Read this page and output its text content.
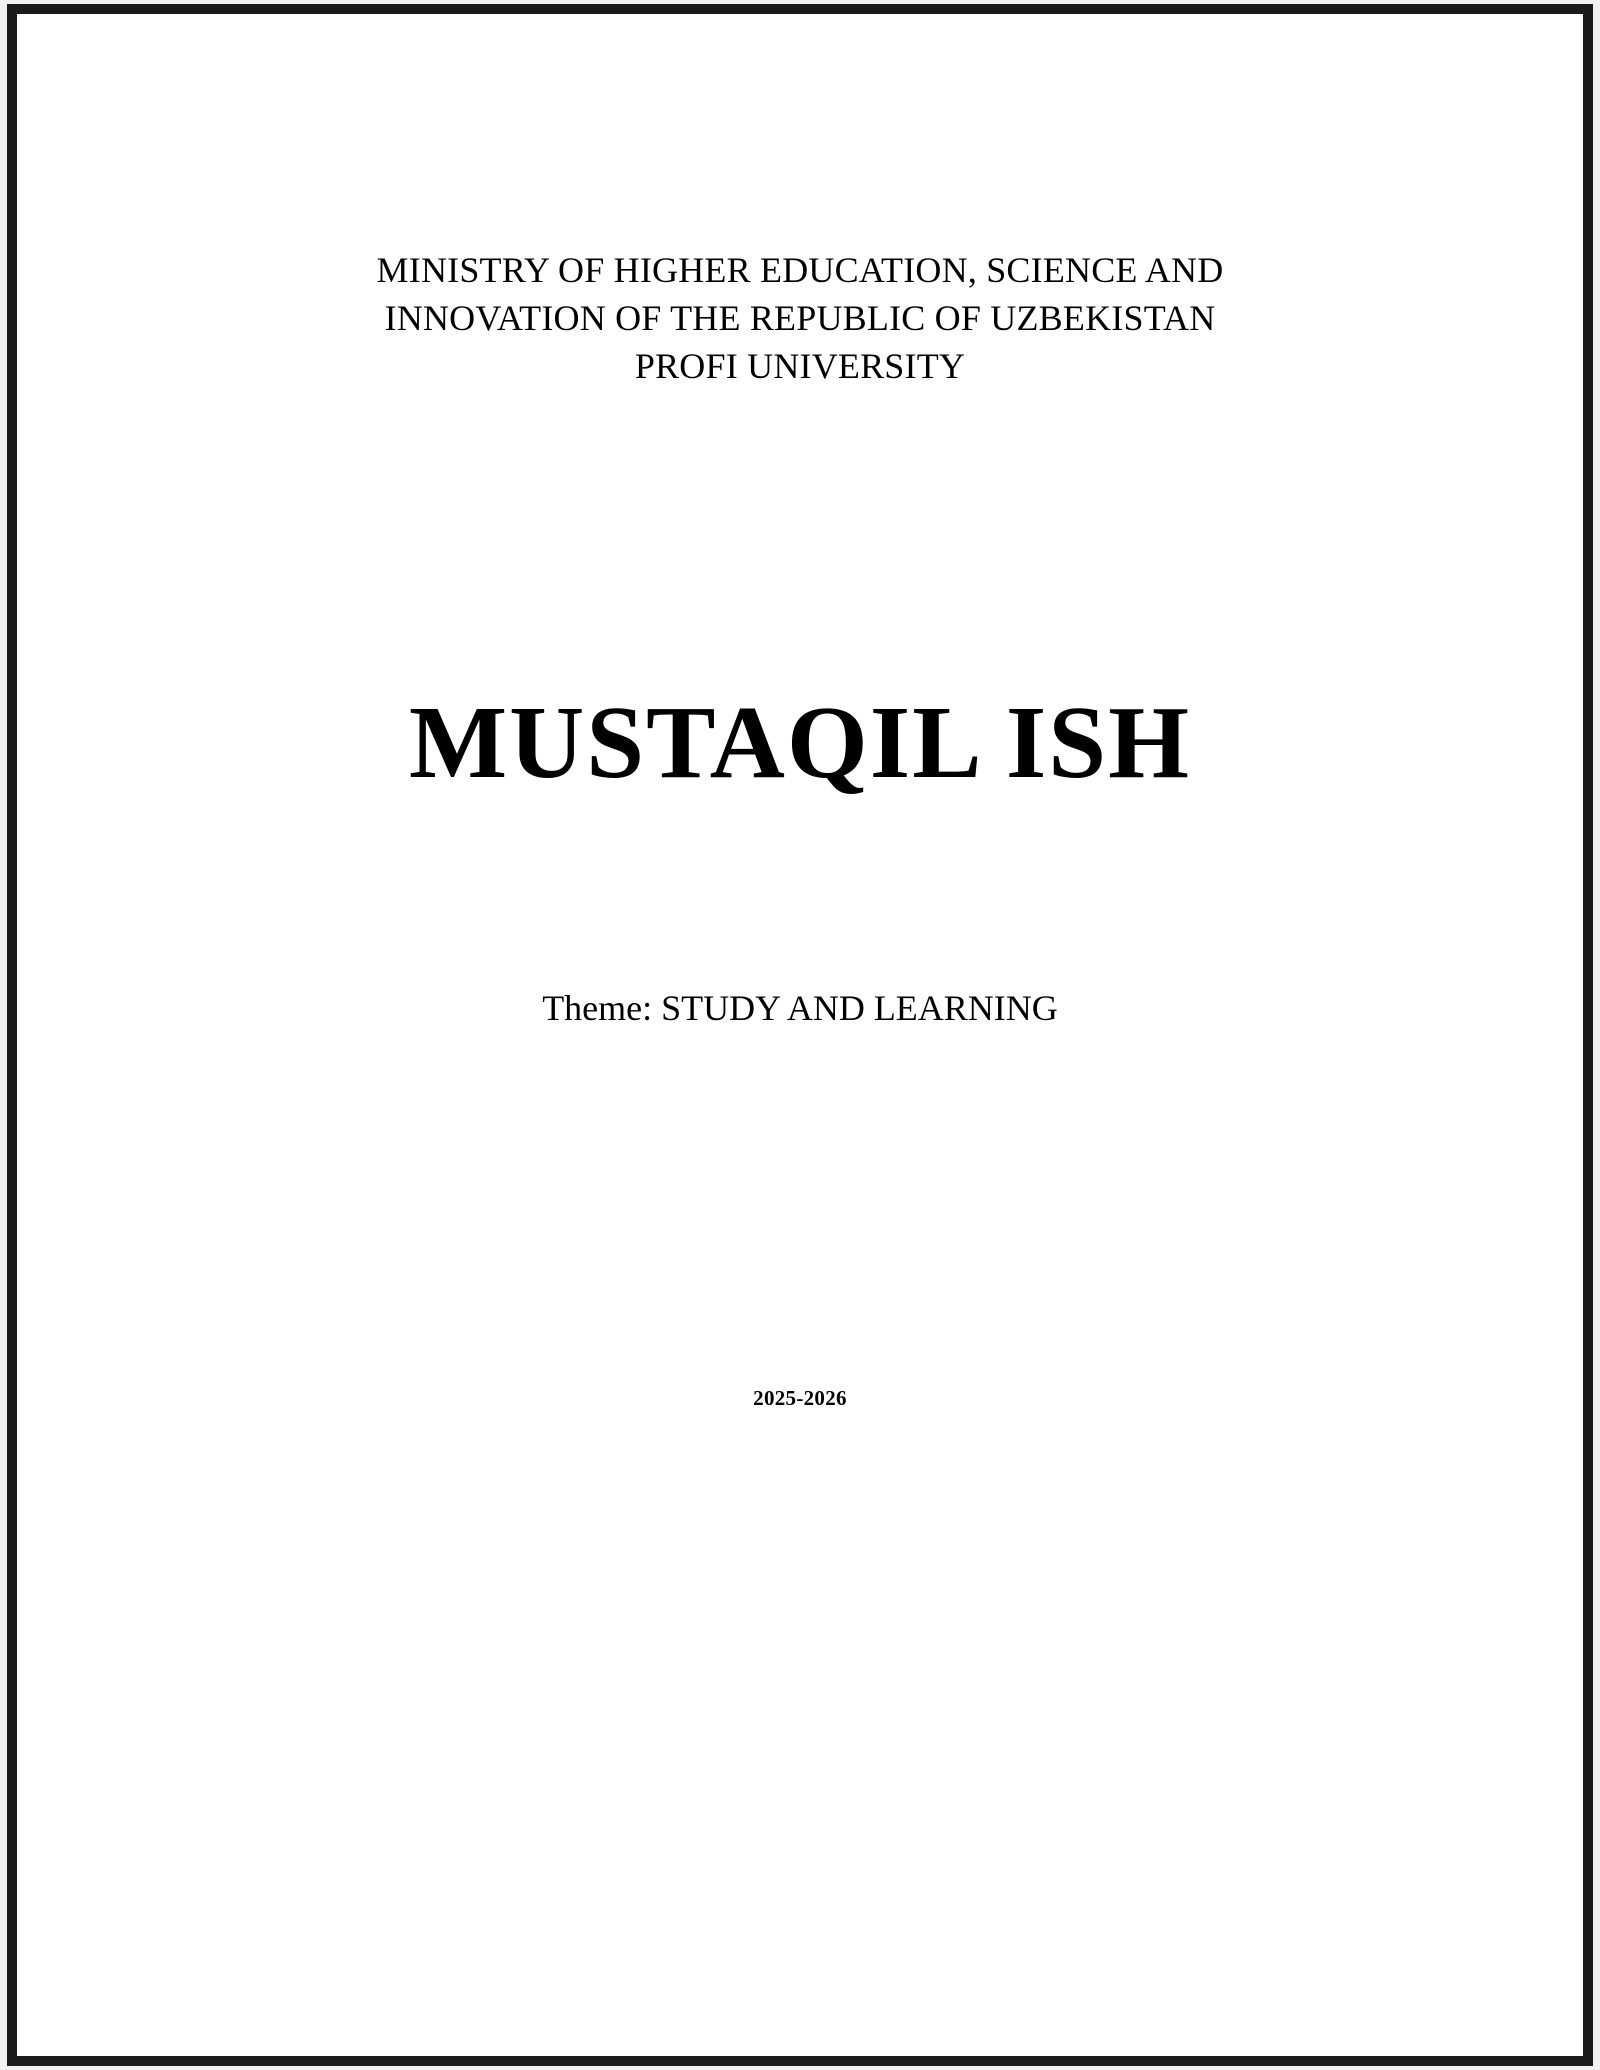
MINISTRY OF HIGHER EDUCATION, SCIENCE AND
INNOVATION OF THE REPUBLIC OF UZBEKISTAN
PROFI UNIVERSITY
MUSTAQIL ISH
Theme: STUDY AND LEARNING
2025-2026
